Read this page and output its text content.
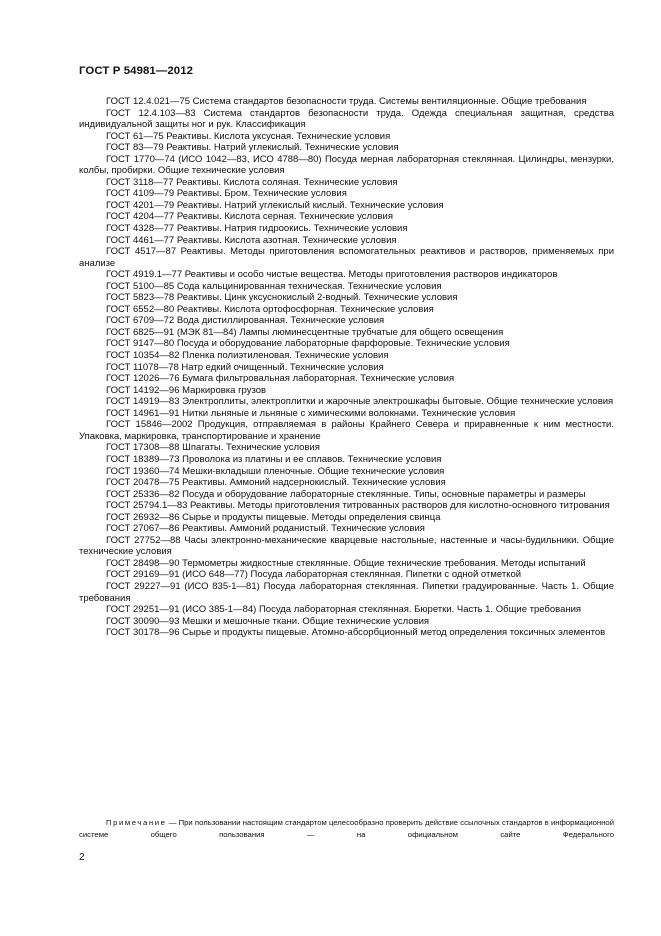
ГОСТ Р 54981—2012

ГОСТ 12.4.021—75 Система стандартов безопасности труда. Системы вентиляционные. Общие требования

ГОСТ 12.4.103—83 Система стандартов безопасности труда. Одежда специальная защитная, средства индивидуальной защиты ног и рук. Классификация

ГОСТ 61—75 Реактивы. Кислота уксусная. Технические условия

ГОСТ 83—79 Реактивы. Натрий углекислый. Технические условия

ГОСТ 1770—74 (ИСО 1042—83, ИСО 4788—80) Посуда мерная лабораторная стеклянная. Цилиндры, мензурки, колбы, пробирки. Общие технические условия

ГОСТ 3118—77 Реактивы. Кислота соляная. Технические условия

ГОСТ 4109—79 Реактивы. Бром. Технические условия

ГОСТ 4201—79 Реактивы. Натрий углекислый кислый. Технические условия

ГОСТ 4204—77 Реактивы. Кислота серная. Технические условия

ГОСТ 4328—77 Реактивы. Натрия гидроокись. Технические условия

ГОСТ 4461—77 Реактивы. Кислота азотная. Технические условия

ГОСТ 4517—87 Реактивы. Методы приготовления вспомогательных реактивов и растворов, применяемых при анализе

ГОСТ 4919.1—77 Реактивы и особо чистые вещества. Методы приготовления растворов индикаторов

ГОСТ 5100—85 Сода кальцинированная техническая. Технические условия

ГОСТ 5823—78 Реактивы. Цинк уксуснокислый 2-водный. Технические условия

ГОСТ 6552—80 Реактивы. Кислота ортофосфорная. Технические условия

ГОСТ 6709—72 Вода дистиллированная. Технические условия

ГОСТ 6825—91 (МЭК 81—84) Лампы люминесцентные трубчатые для общего освещения

ГОСТ 9147—80 Посуда и оборудование лабораторные фарфоровые. Технические условия

ГОСТ 10354—82 Пленка полиэтиленовая. Технические условия

ГОСТ 11078—78 Натр едкий очищенный. Технические условия

ГОСТ 12026—76 Бумага фильтровальная лабораторная. Технические условия

ГОСТ 14192—96 Маркировка грузов

ГОСТ 14919—83 Электроплиты, электроплитки и жарочные электрошкафы бытовые. Общие технические условия

ГОСТ 14961—91 Нитки льняные и льняные с химическими волокнами. Технические условия

ГОСТ 15846—2002 Продукция, отправляемая в районы Крайнего Севера и приравненные к ним местности. Упаковка, маркировка, транспортирование и хранение

ГОСТ 17308—88 Шпагаты. Технические условия

ГОСТ 18389—73 Проволока из платины и ее сплавов. Технические условия

ГОСТ 19360—74 Мешки-вкладыши пленочные. Общие технические условия

ГОСТ 20478—75 Реактивы. Аммоний надсернокислый. Технические условия

ГОСТ 25336—82 Посуда и оборудование лабораторные стеклянные. Типы, основные параметры и размеры

ГОСТ 25794.1—83 Реактивы. Методы приготовления титрованных растворов для кислотно-основного титрования

ГОСТ 26932—86 Сырье и продукты пищевые. Методы определения свинца

ГОСТ 27067—86 Реактивы. Аммоний роданистый. Технические условия

ГОСТ 27752—88 Часы электронно-механические кварцевые настольные, настенные и часы-будильники. Общие технические условия

ГОСТ 28498—90 Термометры жидкостные стеклянные. Общие технические требования. Методы испытаний

ГОСТ 29169—91 (ИСО 648—77) Посуда лабораторная стеклянная. Пипетки с одной отметкой

ГОСТ 29227—91 (ИСО 835-1—81) Посуда лабораторная стеклянная. Пипетки градуированные. Часть 1. Общие требования

ГОСТ 29251—91 (ИСО 385-1—84) Посуда лабораторная стеклянная. Бюретки. Часть 1. Общие требования

ГОСТ 30090—93 Мешки и мешочные ткани. Общие технические условия

ГОСТ 30178—96 Сырье и продукты пищевые. Атомно-абсорбционный метод определения токсичных элементов

Примечание — При пользовании настоящим стандартом целесообразно проверить действие ссылочных стандартов в информационной системе общего пользования — на официальном сайте Федерального

2
